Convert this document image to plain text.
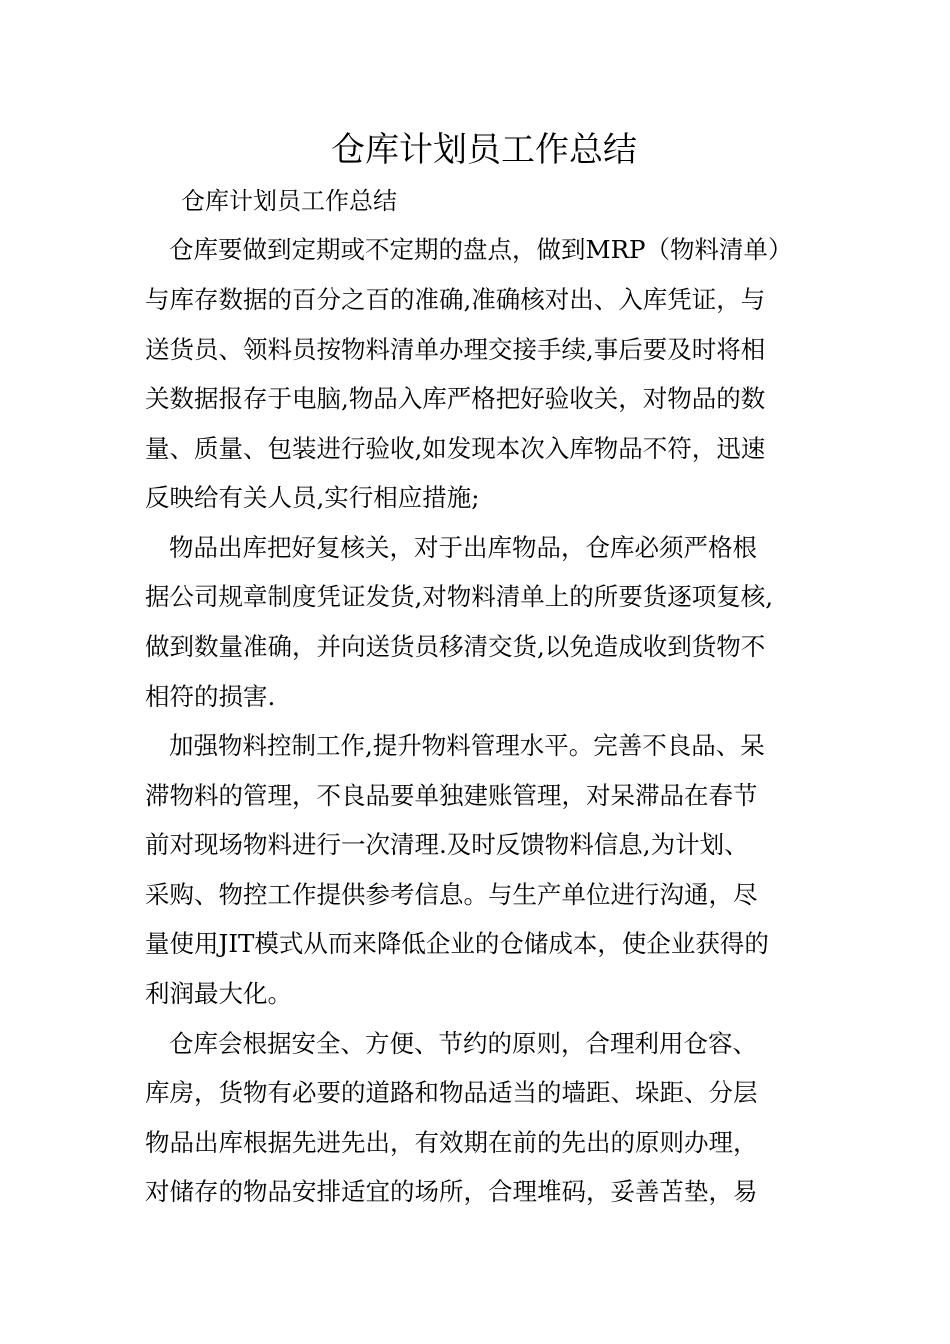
仓库计划员工作总结

仓库计划员工作总结

仓库要做到定期或不定期的盘点，做到MRP（物料清单）

与库存数据的百分之百的准确,准确核对出、入库凭证，与

送货员、领料员按物料清单办理交接手续,事后要及时将相

关数据报存于电脑,物品入库严格把好验收关，对物品的数

量、质量、包装进行验收,如发现本次入库物品不符，迅速

反映给有关人员,实行相应措施;

物品出库把好复核关，对于出库物品，仓库必须严格根

据公司规章制度凭证发货,对物料清单上的所要货逐项复核,

做到数量准确，并向送货员移清交货,以免造成收到货物不

相符的损害.

加强物料控制工作,提升物料管理水平。完善不良品、呆

滞物料的管理，不良品要单独建账管理，对呆滞品在春节

前对现场物料进行一次清理.及时反馈物料信息,为计划、

采购、物控工作提供参考信息。与生产单位进行沟通，尽

量使用JIT模式从而来降低企业的仓储成本，使企业获得的

利润最大化。

仓库会根据安全、方便、节约的原则，合理利用仓容、

库房，货物有必要的道路和物品适当的墙距、垛距、分层

物品出库根据先进先出，有效期在前的先出的原则办理，

对储存的物品安排适宜的场所，合理堆码，妥善苫垫，易
